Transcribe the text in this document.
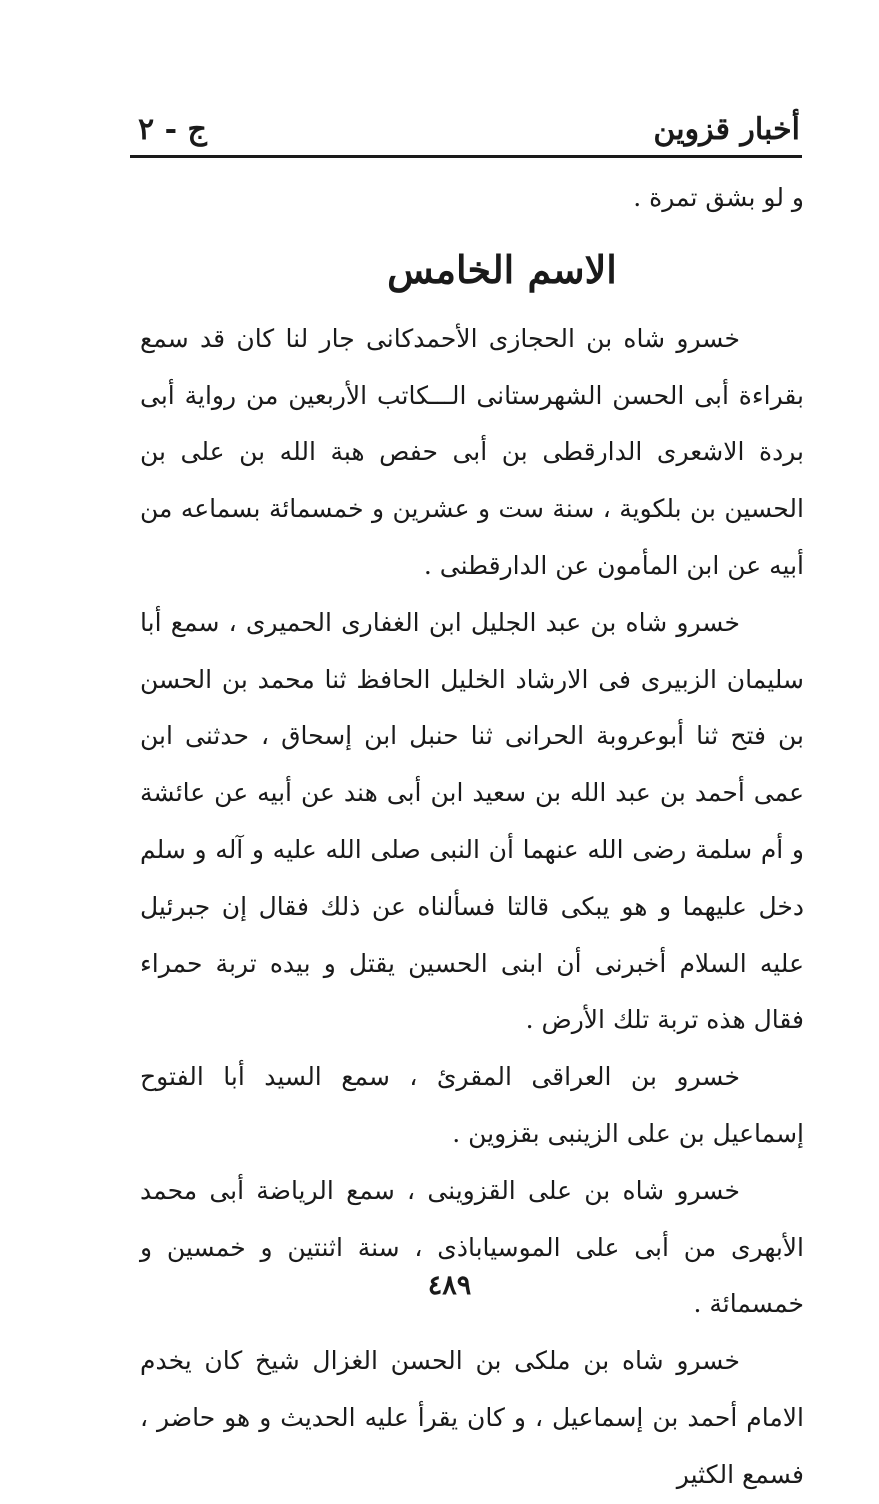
أخبار قزوين
ج - ٢

و لو بشق تمرة .

الاسم الخامس

خسرو شاه بن الحجازى الأحمدكانى جار لنا كان قد سمع بقراءة أبى الحسن الشهرستانى الـــكاتب الأربعين من رواية أبى بردة الاشعرى الدارقطى بن أبى حفص هبة الله بن على بن الحسين بن بلكوية ، سنة ست و عشرين و خمسمائة بسماعه من أبيه عن ابن المأمون عن الدارقطنى .

خسرو شاه بن عبد الجليل ابن الغفارى الحميرى ، سمع أبا سليمان الزبيرى فى الارشاد الخليل الحافظ ثنا محمد بن الحسن بن فتح ثنا أبوعروبة الحرانى ثنا حنبل ابن إسحاق ، حدثنى ابن عمى أحمد بن عبد الله بن سعيد ابن أبى هند عن أبيه عن عائشة و أم سلمة رضى الله عنهما أن النبى صلى الله عليه و آله و سلم دخل عليهما و هو يبكى قالتا فسألناه عن ذلك فقال إن جبرئيل عليه السلام أخبرنى أن ابنى الحسين يقتل و بيده تربة حمراء فقال هذه تربة تلك الأرض .

خسرو بن العراقى المقرئ ، سمع السيد أبا الفتوح إسماعيل بن على الزينبى بقزوين .

خسرو شاه بن على القزوينى ، سمع الرياضة أبى محمد الأبهرى من أبى على الموسياباذى ، سنة اثنتين و خمسين و خمسمائة .

خسرو شاه بن ملكى بن الحسن الغزال شيخ كان يخدم الامام أحمد بن إسماعيل ، و كان يقرأ عليه الحديث و هو حاضر ، فسمع الكثير

٤٨٩
